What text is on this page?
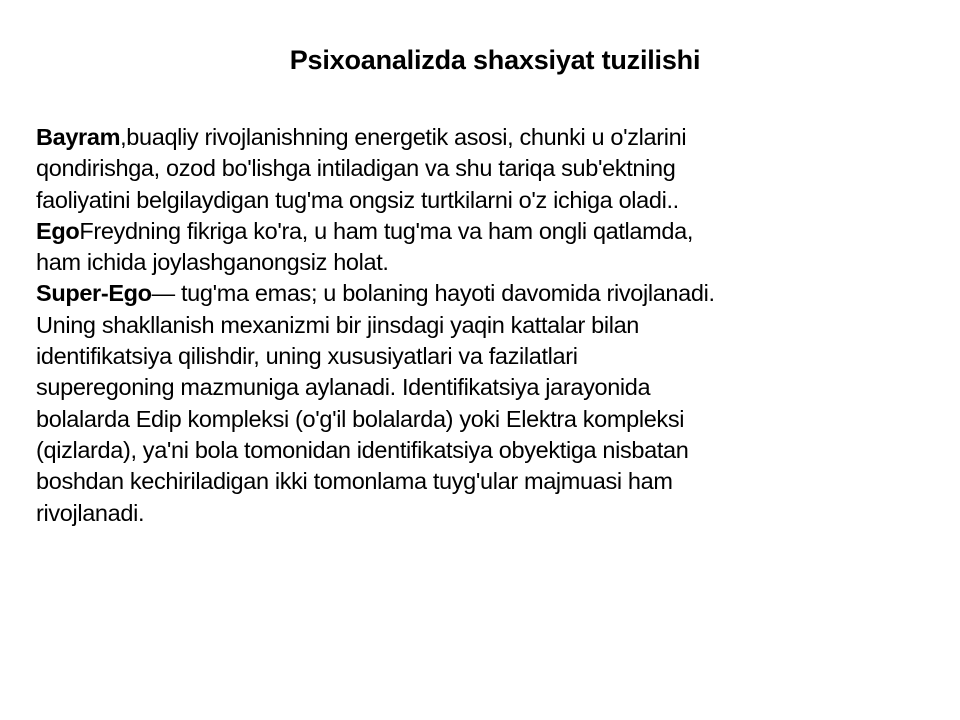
Psixoanalizda shaxsiyat tuzilishi
Bayram,buaqliy rivojlanishning energetik asosi, chunki u o'zlarini
qondirishga, ozod bo'lishga intiladigan va shu tariqa sub'ektning
faoliyatini belgilaydigan tug'ma ongsiz turtkilarni o'z ichiga oladi..
EgoFreydning fikriga ko'ra, u ham tug'ma va ham ongli qatlamda,
ham ichida joylashganongsiz holat.
Super-Ego— tug'ma emas; u bolaning hayoti davomida rivojlanadi.
Uning shakllanish mexanizmi bir jinsdagi yaqin kattalar bilan
identifikatsiya qilishdir, uning xususiyatlari va fazilatlari
superegoning mazmuniga aylanadi. Identifikatsiya jarayonida
bolalarda Edip kompleksi (o'g'il bolalarda) yoki Elektra kompleksi
(qizlarda), ya'ni bola tomonidan identifikatsiya obyektiga nisbatan
boshdan kechiriladigan ikki tomonlama tuyg'ular majmuasi ham
rivojlanadi.
